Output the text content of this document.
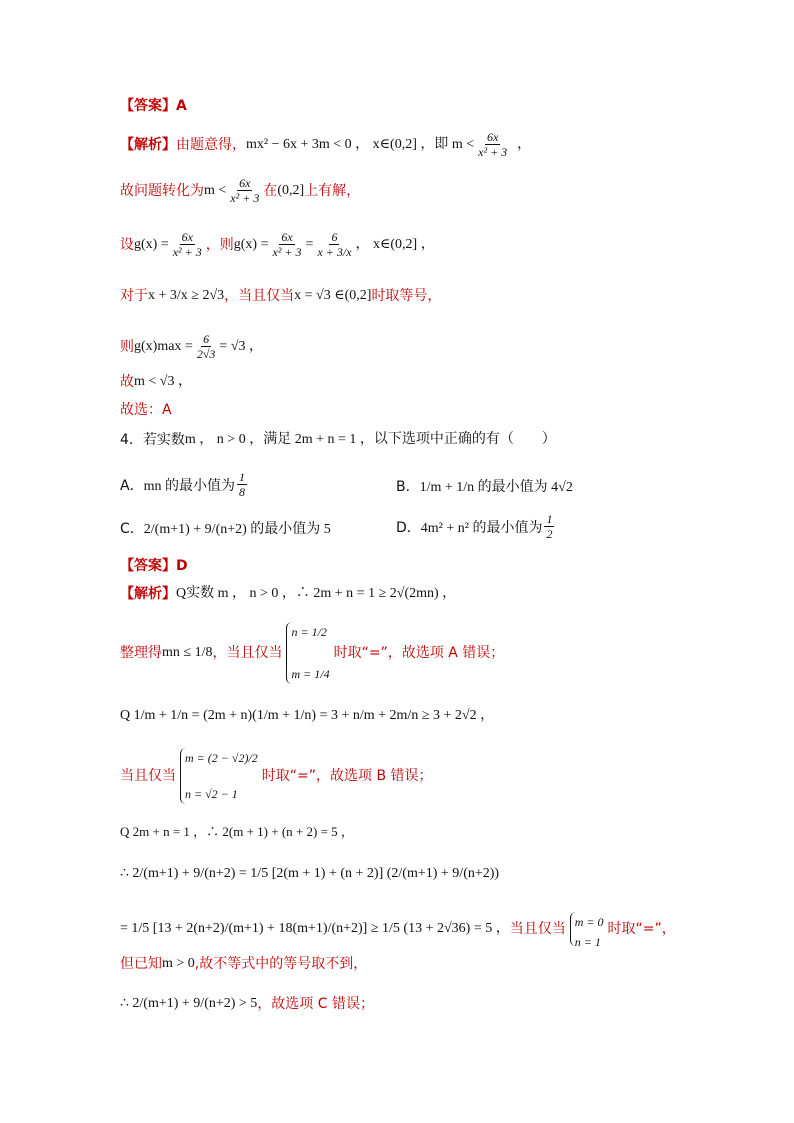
【答案】A
【解析】 由题意得， mx² − 6x + 3m < 0 ， x∈(0,2] ，即 $m < \frac{6x}{\text{x² + 3}}$ ，
故问题转化为 $m < \frac{6x}{\text{x² + 3}}$ 在 (0,2] 上有解，
设 $g(x) = \frac{6x}{\text{x² + 3}}$ ，则 $g(x) = \frac{6x}{\text{x² + 3}} = \frac{6}{x + 3/x}$ ， x∈(0,2] ，
对于 x + 3/x ≥ 2√3 ，当且仅当 x = √3 ∈(0,2] 时取等号，
则 $g(x)\max = \frac{6}{2√3} = √3$ ，
故 m < √3 ，
故选：A
4．若实数 m ， n > 0 ，满足 2m + n = 1 ，以下选项中正确的有（　　）
A． mn 的最小值为 $\frac{1}{8}$	B． 1/m + 1/n 的最小值为 4√2
C． 2/(m+1) + 9/(n+2) 的最小值为 5	D． 4m² + n² 的最小值为 $\frac{1}{2}$
【答案】D
【解析】 Q实数 m ， n > 0 ，∴ 2m + n = 1 ≥ 2√(2mn) ，
整理得 mn ≤ 1/8 ，当且仅当
n = 1/2
m = 1/4
时取“=”，故选项 A 错误；
Q 1/m + 1/n = (2m + n)(1/m + 1/n) = 3 + n/m + 2m/n ≥ 3 + 2√2 ，
当且仅当
m = (2 − √2)/2
n = √2 − 1
时取“=”，故选项 B 错误；
Q 2m + n = 1 ，∴ 2(m + 1) + (n + 2) = 5 ，
∴ 2/(m+1) + 9/(n+2) = 1/5 [2(m + 1) + (n + 2)] (2/(m+1) + 9/(n+2))
= 1/5 [13 + 2(n+2)/(m+1) + 18(m+1)/(n+2)] ≥ 1/5 (13 + 2√36) = 5 ， 当且仅当 m = 0
n = 1
时取“=”，
但已知 m > 0 ,故不等式中的等号取不到，
∴ 2/(m+1) + 9/(n+2) > 5 ，故选项 C 错误；
